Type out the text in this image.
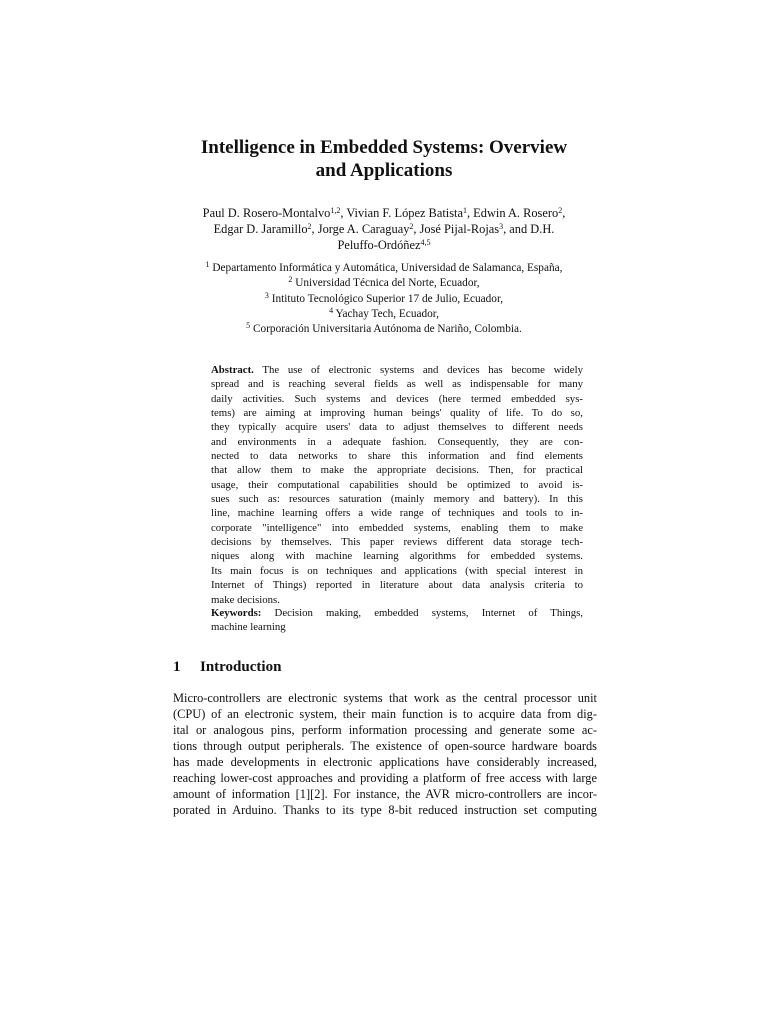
Intelligence in Embedded Systems: Overview
and Applications
Paul D. Rosero-Montalvo$^{1,2}$, Vivian F. López Batista$^1$, Edwin A. Rosero$^2$,
Edgar D. Jaramillo$^2$, Jorge A. Caraguay$^2$, José Pijal-Rojas$^3$, and D.H.
Peluffo-Ordóñez$^{4,5}$
$^1$ Departamento Informática y Automática, Universidad de Salamanca, España,
$^2$ Universidad Técnica del Norte, Ecuador,
$^3$ Intituto Tecnológico Superior 17 de Julio, Ecuador,
$^4$ Yachay Tech, Ecuador,
$^5$ Corporación Universitaria Autónoma de Nariño, Colombia.
Abstract. The use of electronic systems and devices has become widely
spread and is reaching several fields as well as indispensable for many
daily activities. Such systems and devices (here termed embedded sys-
tems) are aiming at improving human beings' quality of life. To do so,
they typically acquire users' data to adjust themselves to different needs
and environments in a adequate fashion. Consequently, they are con-
nected to data networks to share this information and find elements
that allow them to make the appropriate decisions. Then, for practical
usage, their computational capabilities should be optimized to avoid is-
sues such as: resources saturation (mainly memory and battery). In this
line, machine learning offers a wide range of techniques and tools to in-
corporate "intelligence" into embedded systems, enabling them to make
decisions by themselves. This paper reviews different data storage tech-
niques along with machine learning algorithms for embedded systems.
Its main focus is on techniques and applications (with special interest in
Internet of Things) reported in literature about data analysis criteria to
make decisions.
Keywords: Decision making, embedded systems, Internet of Things,
machine learning
1 Introduction
Micro-controllers are electronic systems that work as the central processor unit
(CPU) of an electronic system, their main function is to acquire data from dig-
ital or analogous pins, perform information processing and generate some ac-
tions through output peripherals. The existence of open-source hardware boards
has made developments in electronic applications have considerably increased,
reaching lower-cost approaches and providing a platform of free access with large
amount of information [1][2]. For instance, the AVR micro-controllers are incor-
porated in Arduino. Thanks to its type 8-bit reduced instruction set computing
